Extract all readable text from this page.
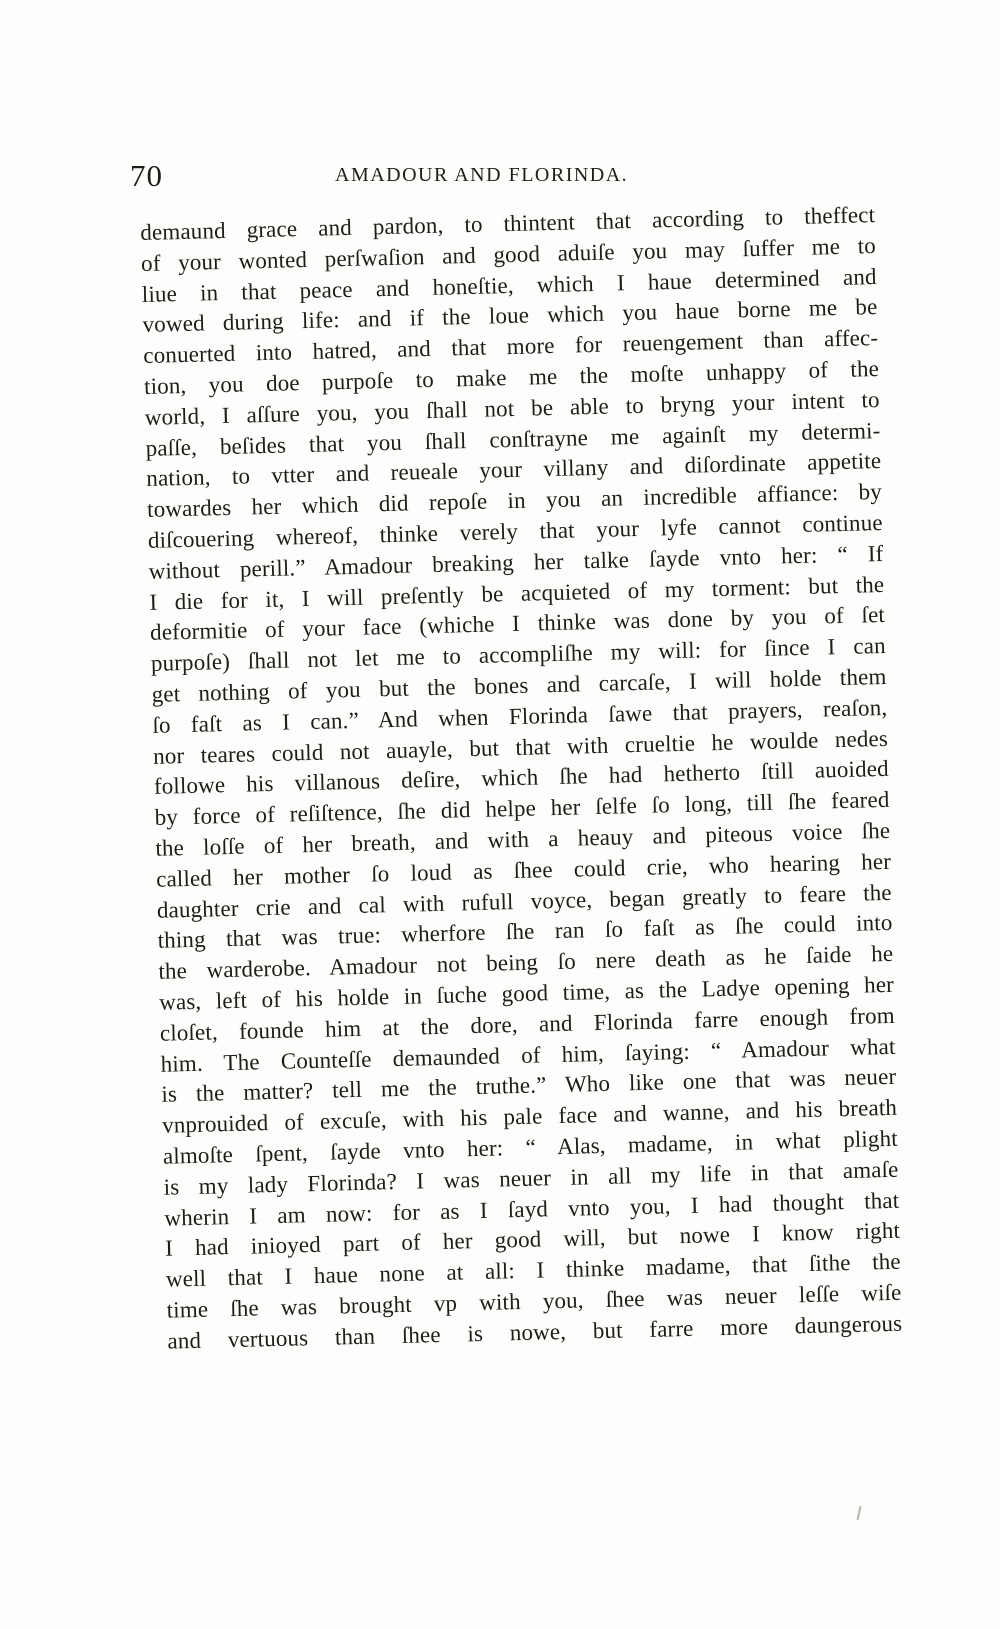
70	AMADOUR AND FLORINDA.
demaund grace and pardon, to thintent that according to theffect
of your wonted perſwaſion and good aduiſe you may ſuffer me to
liue in that peace and honeſtie, which I haue determined and
vowed during life: and if the loue which you haue borne me be
conuerted into hatred, and that more for reuengement than affec-
tion, you doe purpoſe to make me the moſte unhappy of the
world, I aſſure you, you ſhall not be able to bryng your intent to
paſſe, beſides that you ſhall conſtrayne me againſt my determi-
nation, to vtter and reueale your villany and diſordinate appetite
towardes her which did repoſe in you an incredible affiance: by
diſcouering whereof, thinke verely that your lyfe cannot continue
without perill.” Amadour breaking her talke ſayde vnto her: “ If
I die for it, I will preſently be acquieted of my torment: but the
deformitie of your face (whiche I thinke was done by you of ſet
purpoſe) ſhall not let me to accompliſhe my will: for ſince I can
get nothing of you but the bones and carcaſe, I will holde them
ſo faſt as I can.” And when Florinda ſawe that prayers, reaſon,
nor teares could not auayle, but that with crueltie he woulde nedes
followe his villanous deſire, which ſhe had hetherto ſtill auoided
by force of reſiſtence, ſhe did helpe her ſelfe ſo long, till ſhe feared
the loſſe of her breath, and with a heauy and piteous voice ſhe
called her mother ſo loud as ſhee could crie, who hearing her
daughter crie and cal with rufull voyce, began greatly to feare the
thing that was true: wherfore ſhe ran ſo faſt as ſhe could into
the warderobe. Amadour not being ſo nere death as he ſaide he
was, left of his holde in ſuche good time, as the Ladye opening her
cloſet, founde him at the dore, and Florinda farre enough from
him. The Counteſſe demaunded of him, ſaying: “ Amadour what
is the matter? tell me the truthe.” Who like one that was neuer
vnprouided of excuſe, with his pale face and wanne, and his breath
almoſte ſpent, ſayde vnto her: “ Alas, madame, in what plight
is my lady Florinda? I was neuer in all my life in that amaſe
wherin I am now: for as I ſayd vnto you, I had thought that
I had inioyed part of her good will, but nowe I know right
well that I haue none at all: I thinke madame, that ſithe the
time ſhe was brought vp with you, ſhee was neuer leſſe wiſe
and vertuous than ſhee is nowe, but farre more daungerous
